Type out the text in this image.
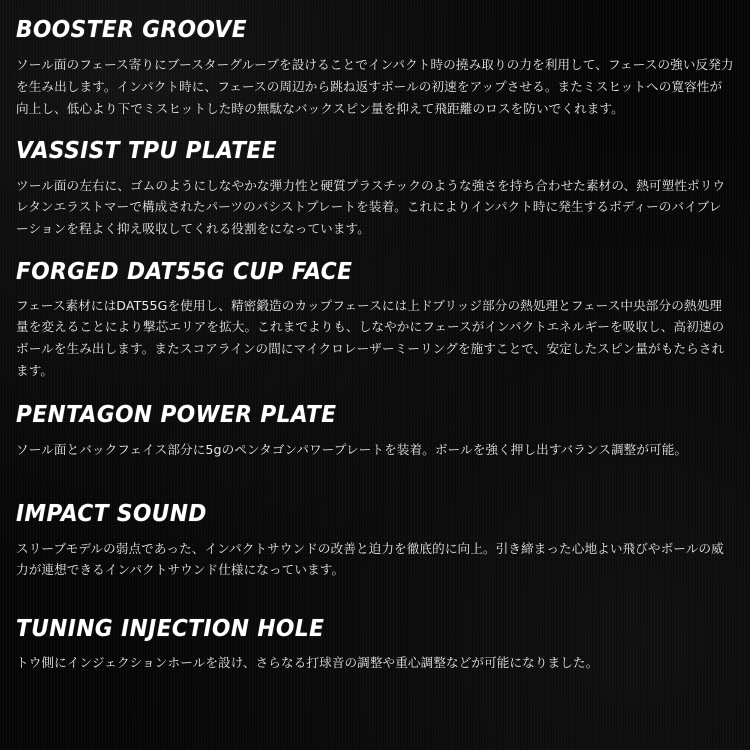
BOOSTER GROOVE

ソール面のフェース寄りにブースターグルーブを設けることでインパクト時の撓み取りの力を利用して、フェースの強い反発力を生み出します。インパクト時に、フェースの周辺から跳ね返すボールの初速をアップさせる。またミスヒットへの寛容性が向上し、低心より下でミスヒットした時の無駄なバックスピン量を抑えて飛距離のロスを防いでくれます。

VASSIST TPU PLATEE

ツール面の左右に、ゴムのようにしなやかな弾力性と硬質プラスチックのような強さを持ち合わせた素材の、熱可塑性ポリウレタンエラストマーで構成されたパーツのバシストプレートを装着。これによりインパクト時に発生するボディーのバイブレーションを程よく抑え吸収してくれる役割をになっています。

FORGED DAT55G CUP FACE

フェース素材にはDAT55Gを使用し、精密鍛造のカップフェースには上ドブリッジ部分の熱処理とフェース中央部分の熱処理量を変えることにより撃芯エリアを拡大。これまでよりも、しなやかにフェースがインパクトエネルギーを吸収し、高初速のボールを生み出します。またスコアラインの間にマイクロレーザーミーリングを施すことで、安定したスピン量がもたらされます。

PENTAGON POWER PLATE

ソール面とバックフェイス部分に5gのペンタゴンパワープレートを装着。ボールを強く押し出すバランス調整が可能。

IMPACT SOUND

スリーブモデルの弱点であった、インパクトサウンドの改善と迫力を徹底的に向上。引き締まった心地よい飛びやボールの威力が連想できるインパクトサウンド仕様になっています。

TUNING INJECTION HOLE

トウ側にインジェクションホールを設け、さらなる打球音の調整や重心調整などが可能になりました。
